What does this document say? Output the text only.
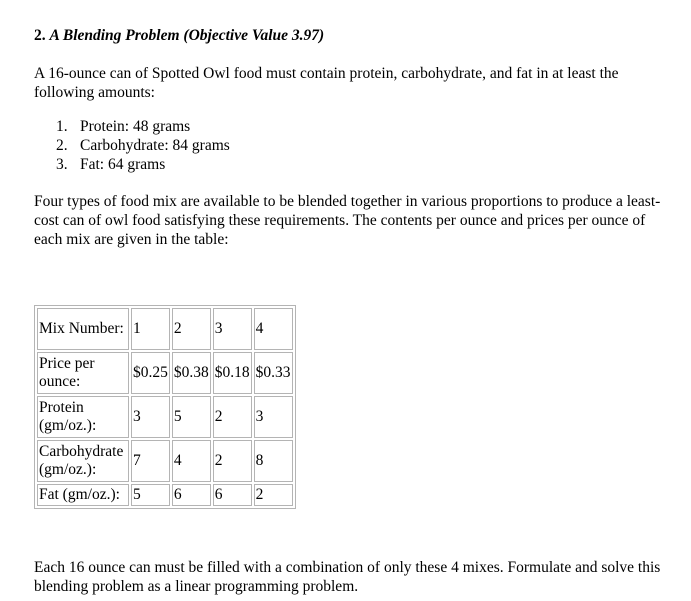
2. A Blending Problem (Objective Value 3.97)

A 16-ounce can of Spotted Owl food must contain protein, carbohydrate, and fat in at least the following amounts:

1. Protein: 48 grams
2. Carbohydrate: 84 grams
3. Fat: 64 grams

Four types of food mix are available to be blended together in various proportions to produce a least-cost can of owl food satisfying these requirements. The contents per ounce and prices per ounce of each mix are given in the table:

Mix Number:	1	2	3	4
Price per ounce:	$0.25	$0.38	$0.18	$0.33
Protein (gm/oz.):	3	5	2	3
Carbohydrate (gm/oz.):	7	4	2	8
Fat (gm/oz.):	5	6	6	2

Each 16 ounce can must be filled with a combination of only these 4 mixes. Formulate and solve this blending problem as a linear programming problem.
